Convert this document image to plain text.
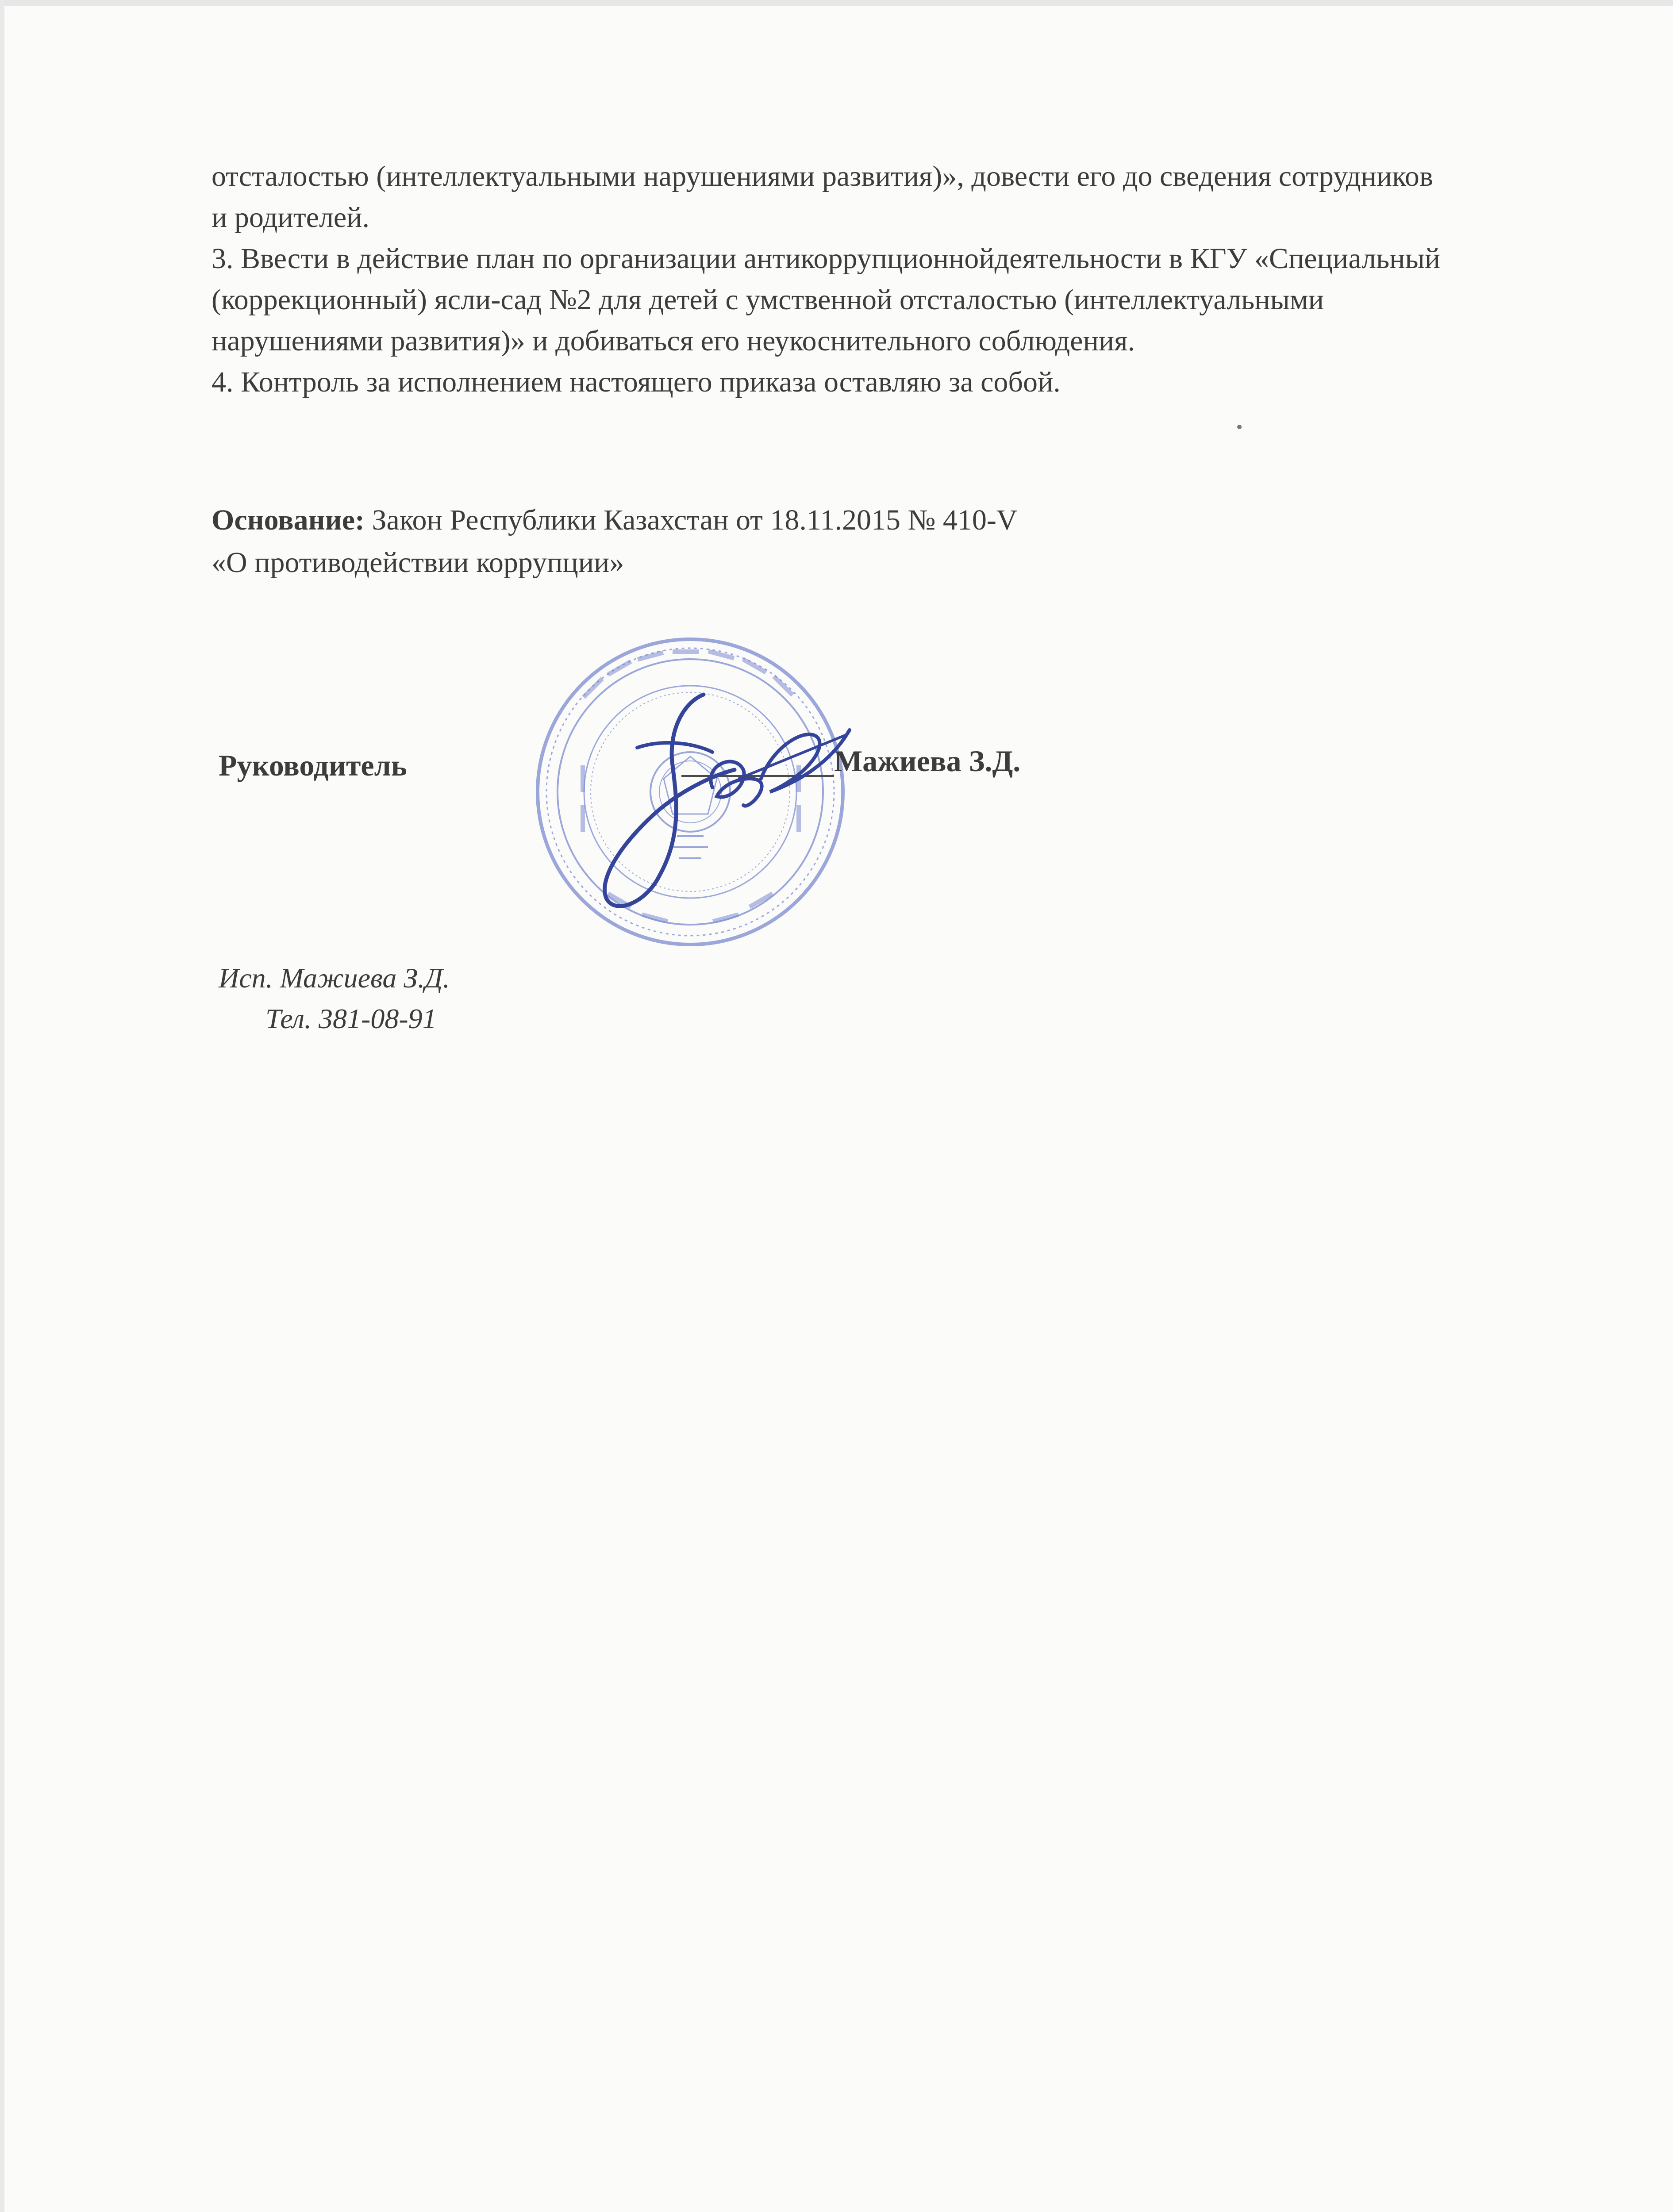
отсталостью (интеллектуальными нарушениями развития)», довести его до сведения сотрудников и родителей.

3. Ввести в действие план по организации антикоррупционнойдеятельности в КГУ «Специальный (коррекционный) ясли-сад №2 для детей с умственной отсталостью (интеллектуальными нарушениями развития)» и добиваться его неукоснительного соблюдения.

4. Контроль за исполнением настоящего приказа оставляю за собой.

Основание: Закон Республики Казахстан от 18.11.2015 № 410-V

«О противодействии коррупции»

Руководитель	Мажиева З.Д.
Исп. Мажиева З.Д.
Тел. 381-08-91
